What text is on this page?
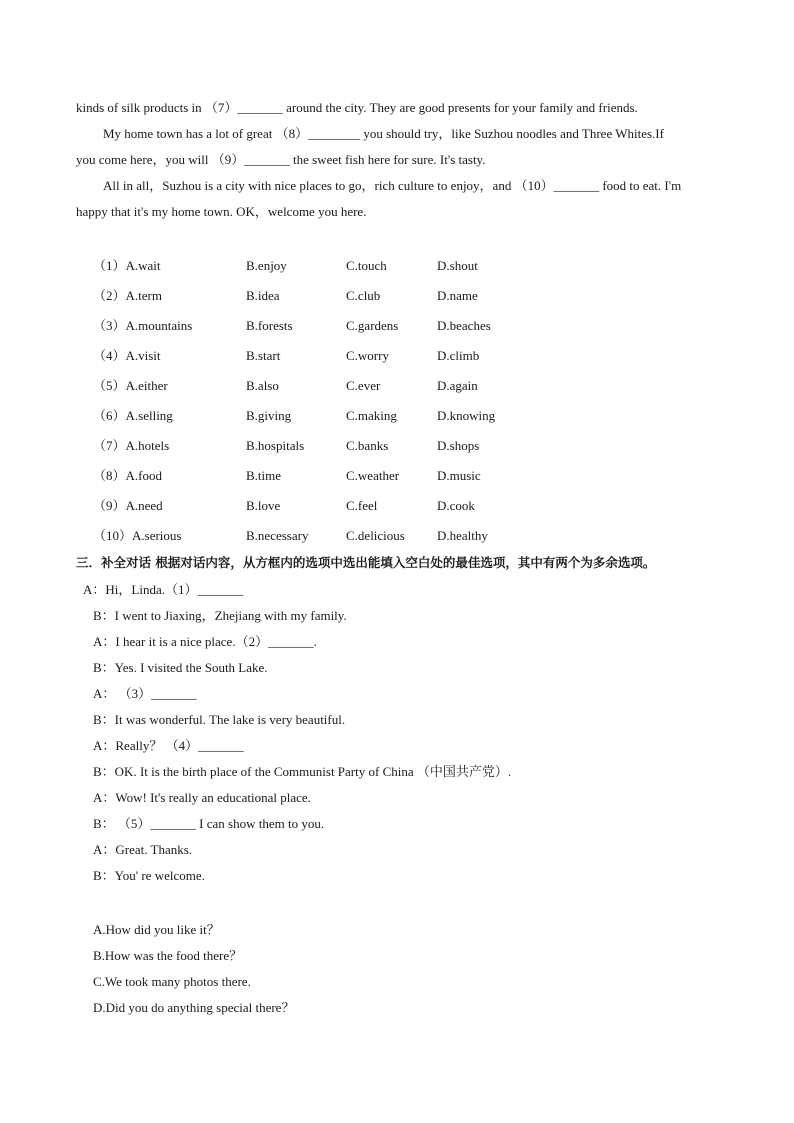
kinds of silk products in （7）_______ around the city. They are good presents for your family and friends.
My home town has a lot of great （8）________ you should try，like Suzhou noodles and Three Whites.If
you come here，you will （9）_______ the sweet fish here for sure. It's tasty.
All in all，Suzhou is a city with nice places to go，rich culture to enjoy，and （10）_______ food to eat. I'm
happy that it's my home town. OK，welcome you here.
（1）A.wait	B.enjoy	C.touch	D.shout
（2）A.term	B.idea	C.club	D.name
（3）A.mountains	B.forests	C.gardens	D.beaches
（4）A.visit	B.start	C.worry	D.climb
（5）A.either	B.also	C.ever	D.again
（6）A.selling	B.giving	C.making	D.knowing
（7）A.hotels	B.hospitals	C.banks	D.shops
（8）A.food	B.time	C.weather	D.music
（9）A.need	B.love	C.feel	D.cook
（10）A.serious	B.necessary	C.delicious D.healthy
三．补全对话 根据对话内容，从方框内的选项中选出能填入空白处的最佳选项，其中有两个为多余选项。
A：Hi，Linda.（1）_______
B：I went to Jiaxing，Zhejiang with my family.
A：I hear it is a nice place.（2）_______.
B：Yes. I visited the South Lake.
A： （3）_______
B：It was wonderful. The lake is very beautiful.
A：Really？ （4）_______
B：OK. It is the birth place of the Communist Party of China （中国共产党）.
A：Wow! It's really an educational place.
B： （5）_______ I can show them to you.
A：Great. Thanks.
B：You' re welcome.
A.How did you like it？
B.How was the food there？
C.We took many photos there.
D.Did you do anything special there？
